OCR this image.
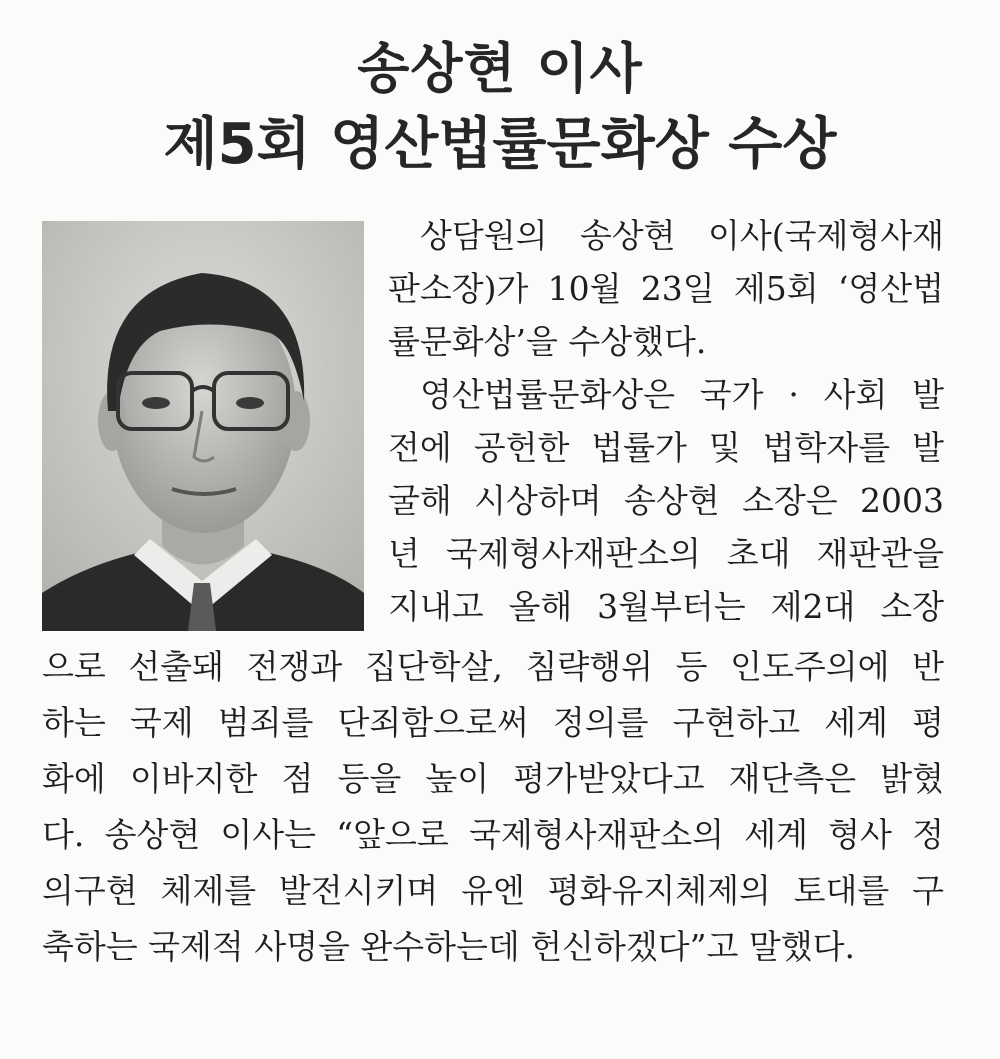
송상현 이사
제5회 영산법률문화상 수상
상담원의 송상현 이사(국제형사재
판소장)가 10월 23일 제5회 ‘영산법
률문화상’을 수상했다.
영산법률문화상은 국가 · 사회 발
전에 공헌한 법률가 및 법학자를 발
굴해 시상하며 송상현 소장은 2003
년 국제형사재판소의 초대 재판관을
지내고 올해 3월부터는 제2대 소장
으로 선출돼 전쟁과 집단학살, 침략행위 등 인도주의에 반
하는 국제 범죄를 단죄함으로써 정의를 구현하고 세계 평
화에 이바지한 점 등을 높이 평가받았다고 재단측은 밝혔
다. 송상현 이사는 “앞으로 국제형사재판소의 세계 형사 정
의구현 체제를 발전시키며 유엔 평화유지체제의 토대를 구
축하는 국제적 사명을 완수하는데 헌신하겠다”고 말했다.
